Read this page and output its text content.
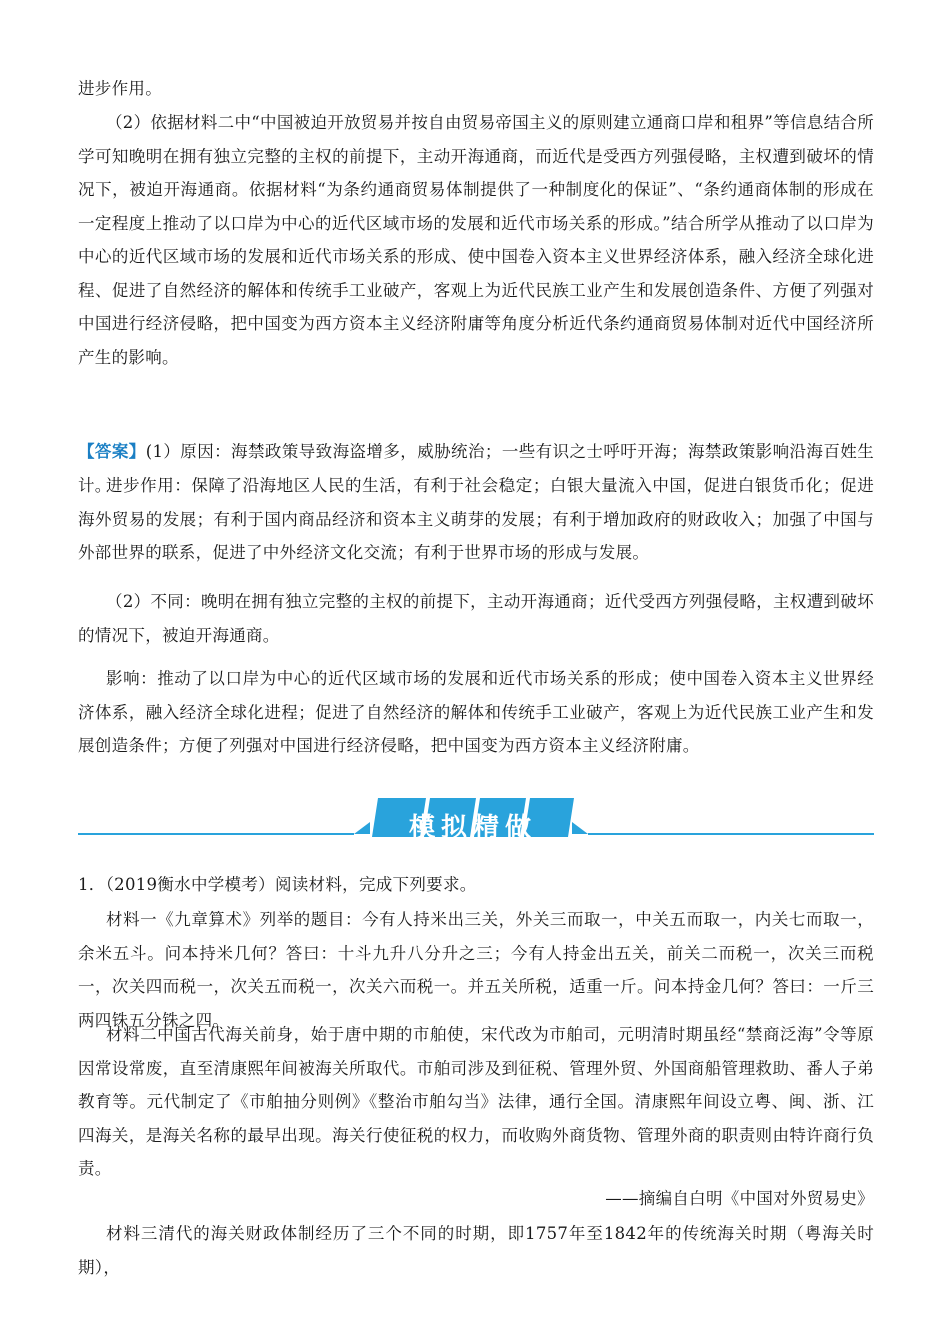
进步作用。
（2）依据材料二中“中国被迫开放贸易并按自由贸易帝国主义的原则建立通商口岸和租界”等信息结合所学可知晚明在拥有独立完整的主权的前提下，主动开海通商，而近代是受西方列强侵略，主权遭到破坏的情况下，被迫开海通商。依据材料“为条约通商贸易体制提供了一种制度化的保证”、“条约通商体制的形成在一定程度上推动了以口岸为中心的近代区域市场的发展和近代市场关系的形成。”结合所学从推动了以口岸为中心的近代区域市场的发展和近代市场关系的形成、使中国卷入资本主义世界经济体系，融入经济全球化进程、促进了自然经济的解体和传统手工业破产，客观上为近代民族工业产生和发展创造条件、方便了列强对中国进行经济侵略，把中国变为西方资本主义经济附庸等角度分析近代条约通商贸易体制对近代中国经济所产生的影响。
【答案】(1）原因：海禁政策导致海盗增多，威胁统治；一些有识之士呼吁开海；海禁政策影响沿海百姓生计。
进步作用：保障了沿海地区人民的生活，有利于社会稳定；白银大量流入中国，促进白银货币化；促进海外贸易的发展；有利于国内商品经济和资本主义萌芽的发展；有利于增加政府的财政收入；加强了中国与外部世界的联系，促进了中外经济文化交流；有利于世界市场的形成与发展。
（2）不同：晚明在拥有独立完整的主权的前提下，主动开海通商；近代受西方列强侵略，主权遭到破坏的情况下，被迫开海通商。
影响：推动了以口岸为中心的近代区域市场的发展和近代市场关系的形成；使中国卷入资本主义世界经济体系，融入经济全球化进程；促进了自然经济的解体和传统手工业破产，客观上为近代民族工业产生和发展创造条件；方便了列强对中国进行经济侵略，把中国变为西方资本主义经济附庸。
模拟精做
1．（2019衡水中学模考）阅读材料，完成下列要求。
材料一《九章算术》列举的题目：今有人持米出三关，外关三而取一，中关五而取一，内关七而取一，余米五斗。问本持米几何？答曰：十斗九升八分升之三；今有人持金出五关，前关二而税一，次关三而税一，次关四而税一，次关五而税一，次关六而税一。并五关所税，适重一斤。问本持金几何？答曰：一斤三两四铢五分铢之四。
材料二中国古代海关前身，始于唐中期的市舶使，宋代改为市舶司，元明清时期虽经“禁商泛海”令等原因常设常废，直至清康熙年间被海关所取代。市舶司涉及到征税、管理外贸、外国商船管理救助、番人子弟教育等。元代制定了《市舶抽分则例》《整治市舶勾当》法律，通行全国。清康熙年间设立粤、闽、浙、江四海关，是海关名称的最早出现。海关行使征税的权力，而收购外商货物、管理外商的职责则由特许商行负责。
——摘编自白明《中国对外贸易史》
材料三清代的海关财政体制经历了三个不同的时期，即1757年至1842年的传统海关时期（粤海关时期），
